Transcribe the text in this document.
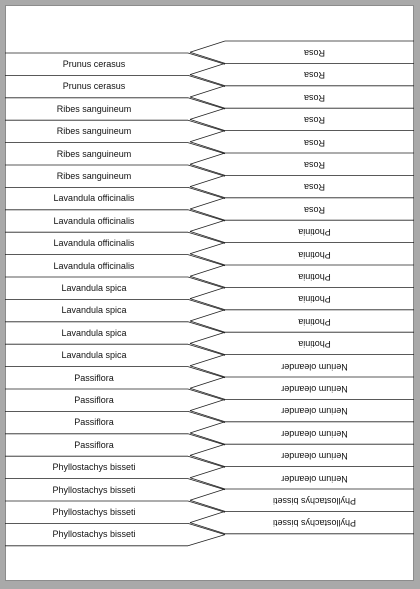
Prunus cerasus
Prunus cerasus
Ribes sanguineum
Ribes sanguineum
Ribes sanguineum
Ribes sanguineum
Lavandula officinalis
Lavandula officinalis
Lavandula officinalis
Lavandula officinalis
Lavandula spica
Lavandula spica
Lavandula spica
Lavandula spica
Passiflora
Passiflora
Passiflora
Passiflora
Phyllostachys bisseti
Phyllostachys bisseti
Phyllostachys bisseti
Phyllostachys bisseti
Rosa
Rosa
Rosa
Rosa
Rosa
Rosa
Rosa
Rosa
Photinia
Photinia
Photinia
Photinia
Photinia
Photinia
Nerium oleander
Nerium oleander
Nerium oleander
Nerium oleander
Nerium oleander
Nerium oleander
Phyllostachys bisseti
Phyllostachys bisseti
